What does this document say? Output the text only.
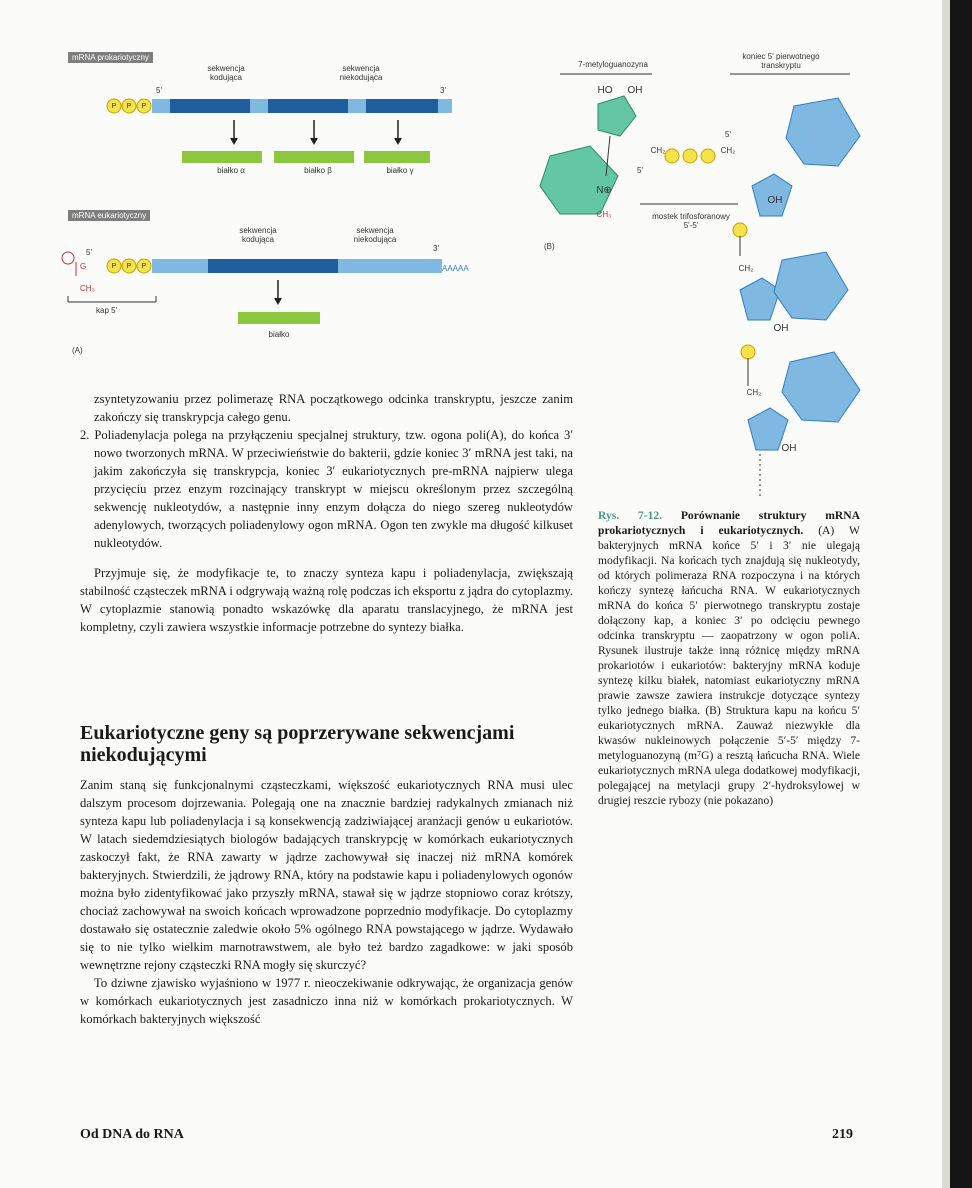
mRNA prokariotyczny
sekwencja kodująca
sekwencja niekodująca
5'	3'
białko α	białko β	białko γ
P P P
mRNA eukariotyczny
sekwencja kodująca
sekwencja niekodująca
5'
G
CH₃
3'
AAAAA
kap 5'
P P P
białko
(A)
7-metyloguanozyna
koniec 5' pierwotnego transkryptu
HO	OH
CH₂	CH₂
5'
5'
N⊕
CH₃	mostek trifosforanowy 5'-5'
OH
CH₂
OH
CH₂
OH
(B)

zsyntetyzowaniu przez polimerazę RNA początkowego odcinka transkryptu, jeszcze zanim zakończy się transkrypcja całego genu.

2. Poliadenylacja polega na przyłączeniu specjalnej struktury, tzw. ogona poli(A), do końca 3′ nowo tworzonych mRNA. W przeciwieństwie do bakterii, gdzie koniec 3′ mRNA jest taki, na jakim zakończyła się transkrypcja, koniec 3′ eukariotycznych pre-mRNA najpierw ulega przycięciu przez enzym rozcinający transkrypt w miejscu określonym przez szczególną sekwencję nukleotydów, a następnie inny enzym dołącza do niego szereg nukleotydów adenylowych, tworzących poliadenylowy ogon mRNA. Ogon ten zwykle ma długość kilkuset nukleotydów.

Przyjmuje się, że modyfikacje te, to znaczy synteza kapu i poliadenylacja, zwiększają stabilność cząsteczek mRNA i odgrywają ważną rolę podczas ich eksportu z jądra do cytoplazmy. W cytoplazmie stanowią ponadto wskazówkę dla aparatu translacyjnego, że mRNA jest kompletny, czyli zawiera wszystkie informacje potrzebne do syntezy białka.

Eukariotyczne geny są poprzerywane sekwencjami niekodującymi

Zanim staną się funkcjonalnymi cząsteczkami, większość eukariotycznych RNA musi ulec dalszym procesom dojrzewania. Polegają one na znacznie bardziej radykalnych zmianach niż synteza kapu lub poliadenylacja i są konsekwencją zadziwiającej aranżacji genów u eukariotów. W latach siedemdziesiątych biologów badających transkrypcję w komórkach eukariotycznych zaskoczył fakt, że RNA zawarty w jądrze zachowywał się inaczej niż mRNA komórek bakteryjnych. Stwierdzili, że jądrowy RNA, który na podstawie kapu i poliadenylowych ogonów można było zidentyfikować jako przyszły mRNA, stawał się w jądrze stopniowo coraz krótszy, chociaż zachowywał na swoich końcach wprowadzone poprzednio modyfikacje. Do cytoplazmy dostawało się ostatecznie zaledwie około 5% ogólnego RNA powstającego w jądrze. Wydawało się to nie tylko wielkim marnotrawstwem, ale było też bardzo zagadkowe: w jaki sposób wewnętrzne rejony cząsteczki RNA mogły się skurczyć?

To dziwne zjawisko wyjaśniono w 1977 r. nieoczekiwanie odkrywając, że organizacja genów w komórkach eukariotycznych jest zasadniczo inna niż w komórkach prokariotycznych. W komórkach bakteryjnych większość

Rys. 7-12. Porównanie struktury mRNA prokariotycznych i eukariotycznych. (A) W bakteryjnych mRNA końce 5′ i 3′ nie ulegają modyfikacji. Na końcach tych znajdują się nukleotydy, od których polimeraza RNA rozpoczyna i na których kończy syntezę łańcucha RNA. W eukariotycznych mRNA do końca 5′ pierwotnego transkryptu zostaje dołączony kap, a koniec 3′ po odcięciu pewnego odcinka transkryptu — zaopatrzony w ogon poliA. Rysunek ilustruje także inną różnicę między mRNA prokariotów i eukariotów: bakteryjny mRNA koduje syntezę kilku białek, natomiast eukariotyczny mRNA prawie zawsze zawiera instrukcje dotyczące syntezy tylko jednego białka. (B) Struktura kapu na końcu 5′ eukariotycznych mRNA. Zauważ niezwykłe dla kwasów nukleinowych połączenie 5′-5′ między 7-metyloguanozyną (m⁷G) a resztą łańcucha RNA. Wiele eukariotycznych mRNA ulega dodatkowej modyfikacji, polegającej na metylacji grupy 2′-hydroksylowej w drugiej reszcie rybozy (nie pokazano)
Od DNA do RNA	219
